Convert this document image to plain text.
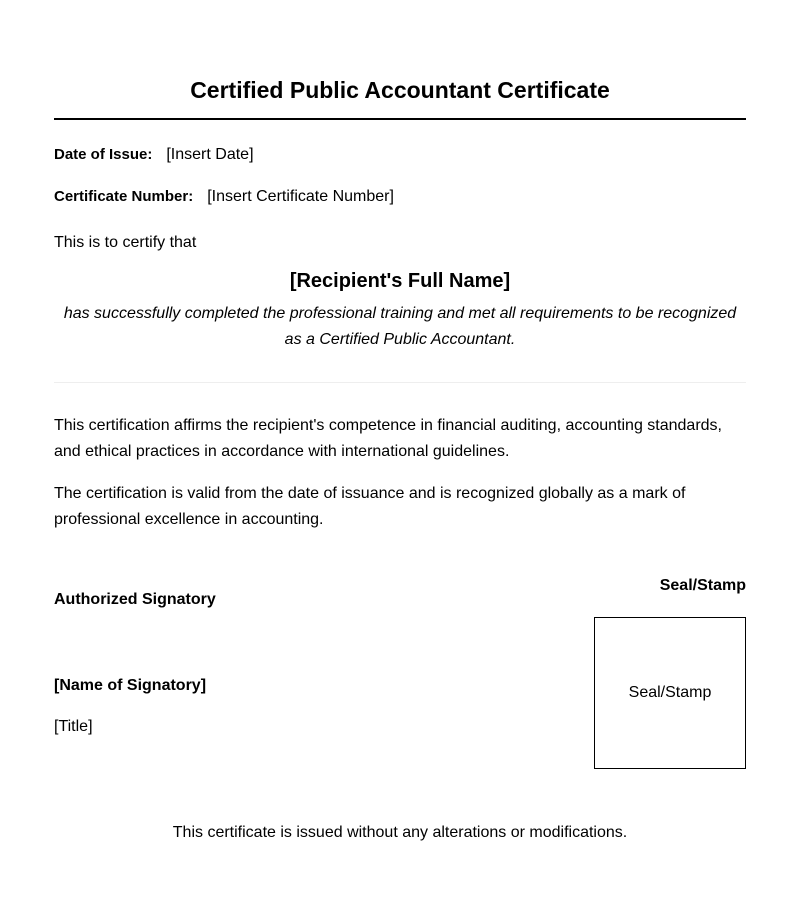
Certified Public Accountant Certificate
Date of Issue: [Insert Date]
Certificate Number: [Insert Certificate Number]
This is to certify that
[Recipient's Full Name]
has successfully completed the professional training and met all requirements to be recognized as a Certified Public Accountant.

This certification affirms the recipient's competence in financial auditing, accounting standards, and ethical practices in accordance with international guidelines.

The certification is valid from the date of issuance and is recognized globally as a mark of professional excellence in accounting.

Authorized Signatory
[Name of Signatory]
[Title]
Seal/Stamp
Seal/Stamp
This certificate is issued without any alterations or modifications.
